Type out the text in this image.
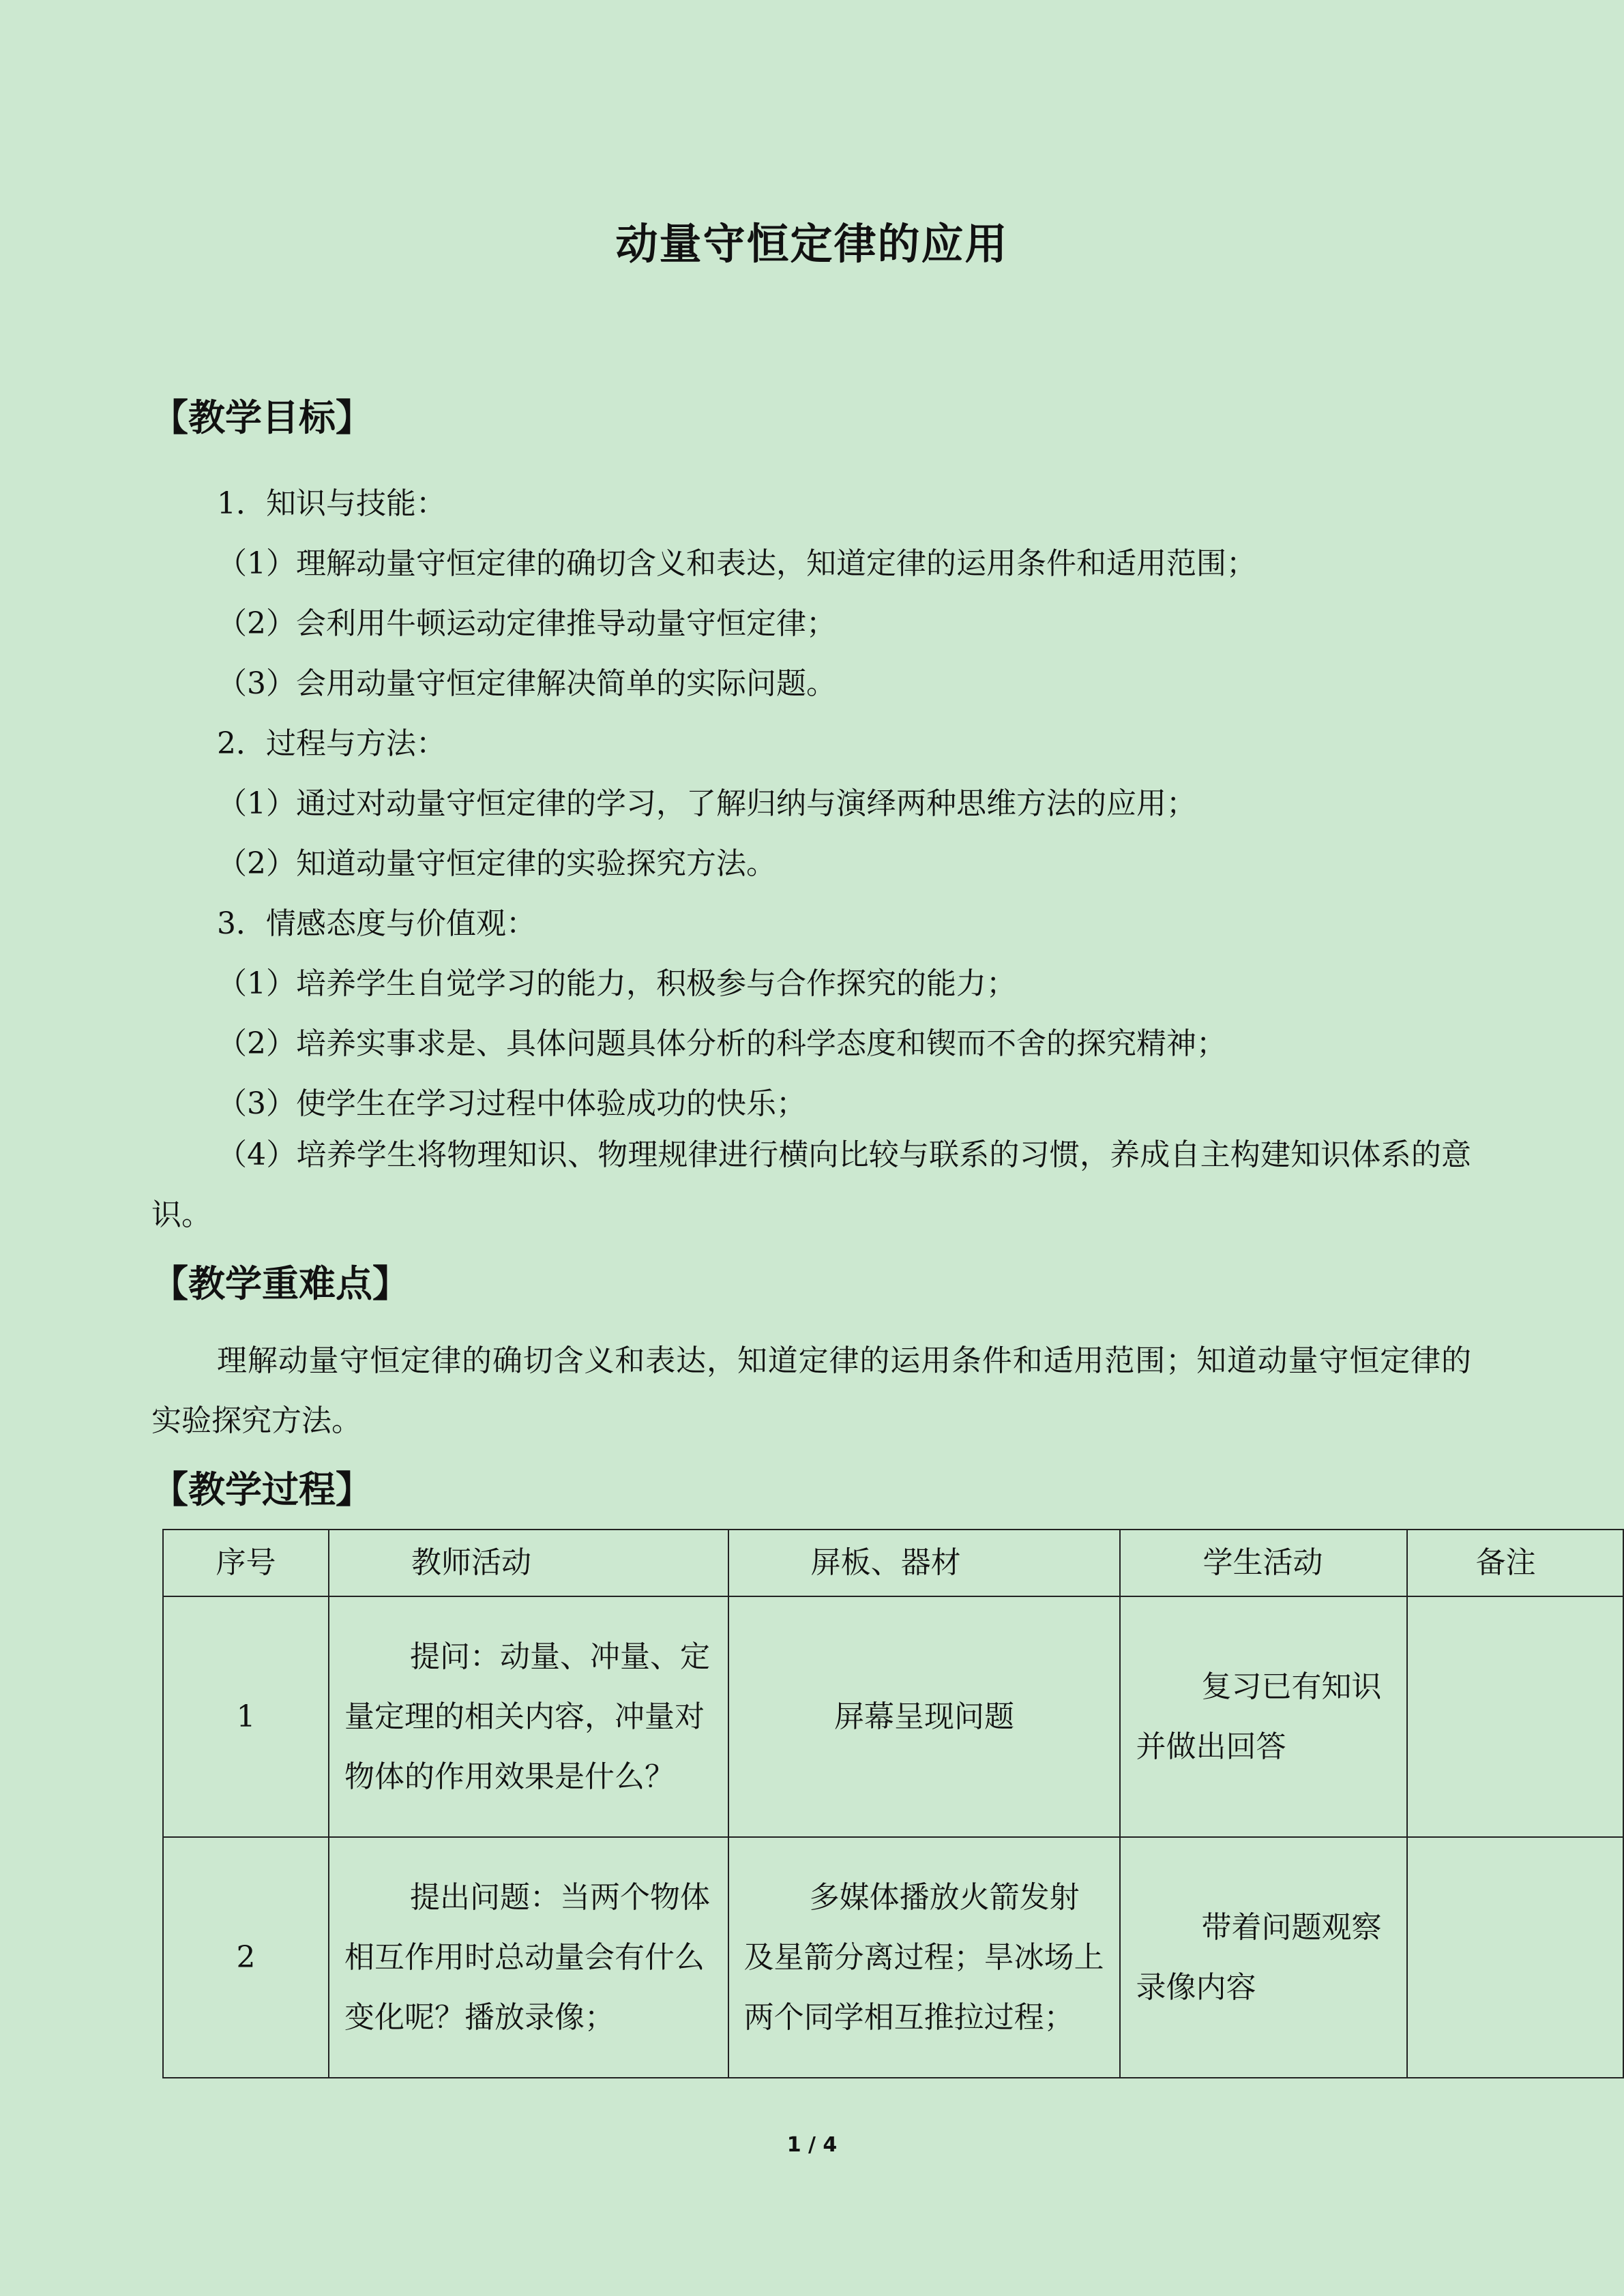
动量守恒定律的应用
【教学目标】
1．知识与技能：
（1）理解动量守恒定律的确切含义和表达，知道定律的运用条件和适用范围；
（2）会利用牛顿运动定律推导动量守恒定律；
（3）会用动量守恒定律解决简单的实际问题。
2．过程与方法：
（1）通过对动量守恒定律的学习，了解归纳与演绎两种思维方法的应用；
（2）知道动量守恒定律的实验探究方法。
3．情感态度与价值观：
（1）培养学生自觉学习的能力，积极参与合作探究的能力；
（2）培养实事求是、具体问题具体分析的科学态度和锲而不舍的探究精神；
（3）使学生在学习过程中体验成功的快乐；
（4）培养学生将物理知识、物理规律进行横向比较与联系的习惯，养成自主构建知识体系的意识。
【教学重难点】
理解动量守恒定律的确切含义和表达，知道定律的运用条件和适用范围；知道动量守恒定律的实验探究方法。
【教学过程】
序号	教师活动	屏板、器材	学生活动	备注
1	提问：动量、冲量、定量定理的相关内容，冲量对物体的作用效果是什么？	屏幕呈现问题	复习已有知识并做出回答	
2	提出问题：当两个物体相互作用时总动量会有什么变化呢？播放录像；	多媒体播放火箭发射及星箭分离过程；旱冰场上两个同学相互推拉过程；	带着问题观察录像内容	
1 / 4
